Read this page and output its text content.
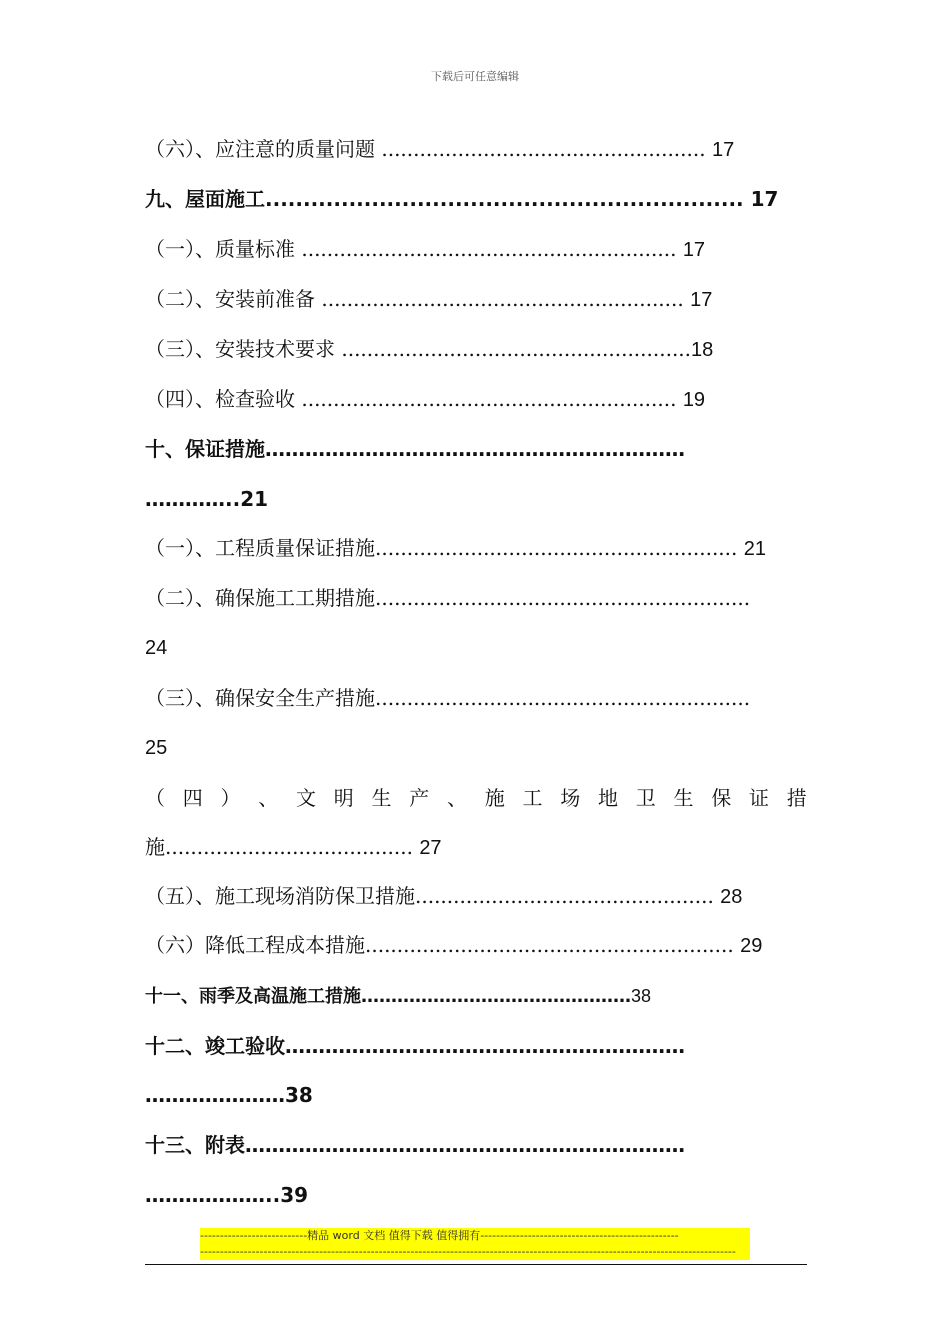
下载后可任意编辑
（六）、应注意的质量问题 ................................................... 17
九、屋面施工............................................................... 17
（一）、质量标准 ........................................................... 17
（二）、安装前准备 ......................................................... 17
（三）、安装技术要求 .......................................................18
（四）、检查验收 ........................................................... 19
十、保证措施………………………………………………………
…………..21
（一）、工程质量保证措施......................................................... 21
（二）、确保施工工期措施...........................................................
24
（三）、确保安全生产措施...........................................................
25
（ 四 ） 、 文 明 生 产 、 施 工 场 地 卫 生 保 证 措
施....................................... 27
（五）、施工现场消防保卫措施............................................... 28
（六）降低工程成本措施.......................................................... 29
十一、雨季及高温施工措施………………………………………38
十二、竣工验收……………………………………………………
…………………38
十三、附表…………………………………………………………
………………..39
---------------------------精品 word 文档 值得下载 值得拥有--------------------------------------------------
---------------------------------------------------------------------------------------------------------------------------------------
